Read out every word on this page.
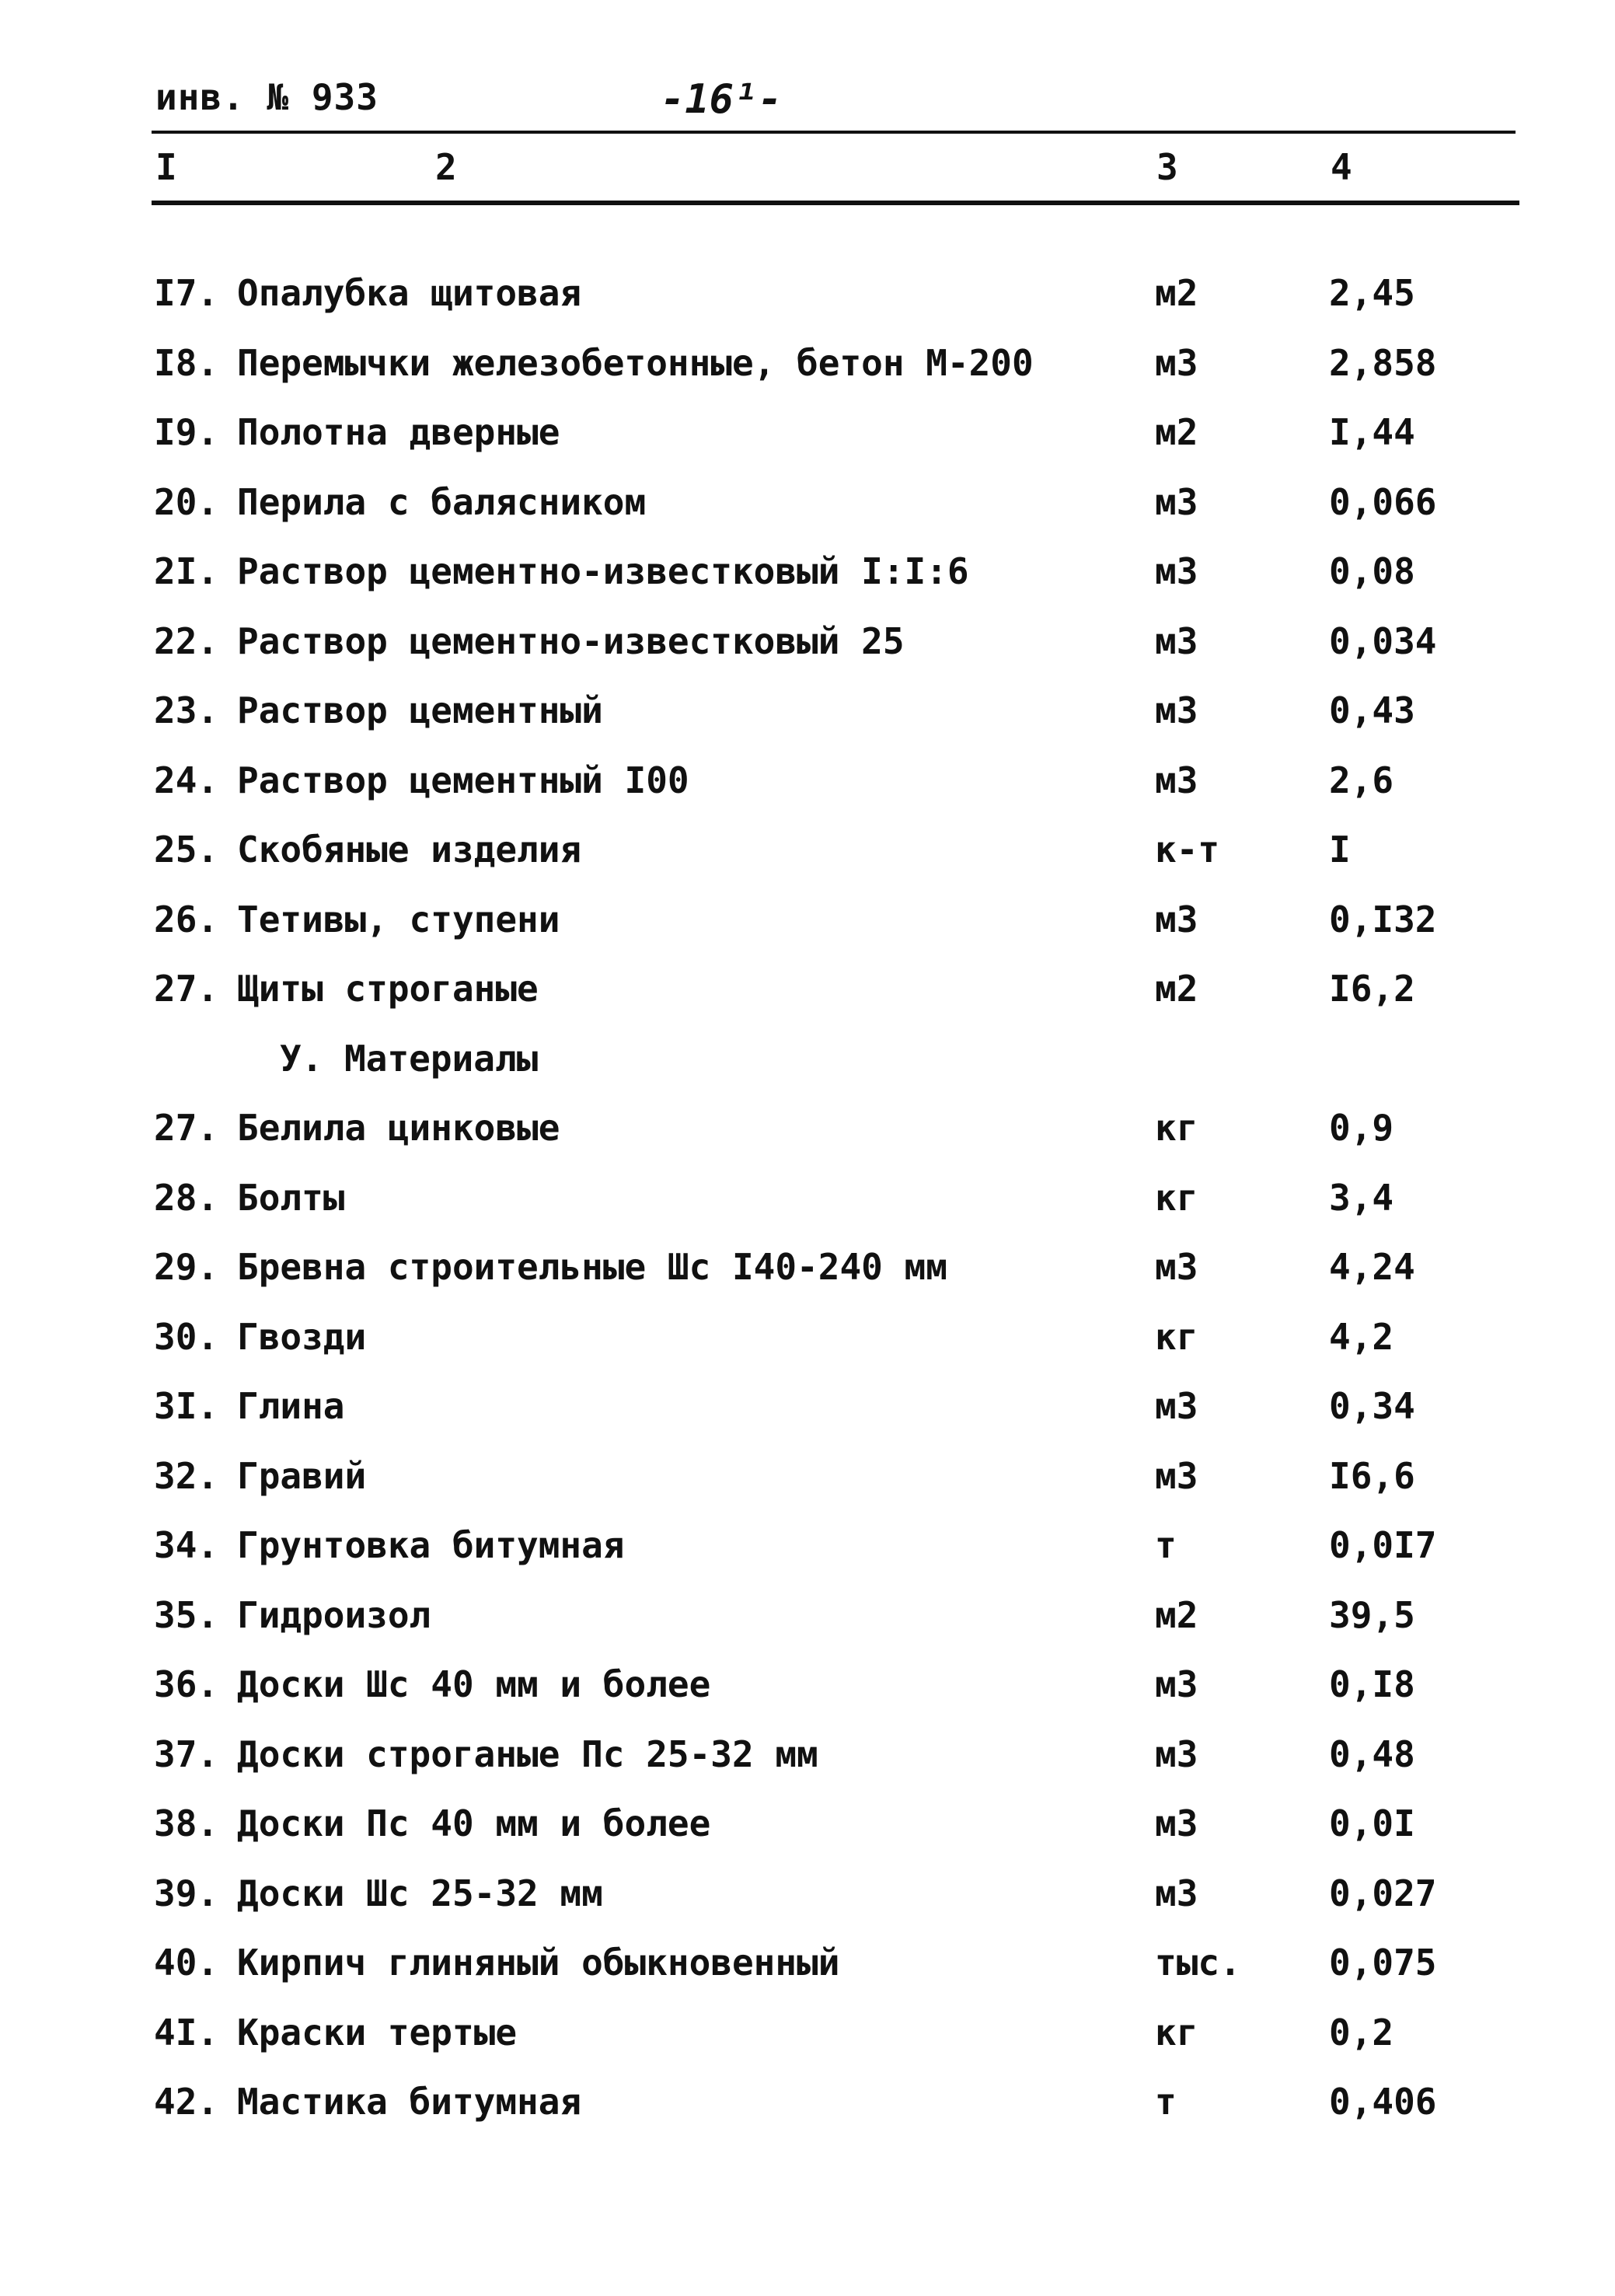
инв. № 933	-16¹-
I	2	3	4
I7. Опалубка щитовая	м2	2,45
I8. Перемычки железобетонные, бетон М-200	м3	2,858
I9. Полотна дверные	м2	I,44
20. Перила с балясником	м3	0,066
2I. Раствор цементно-известковый I:I:6	м3	0,08
22. Раствор цементно-известковый 25	м3	0,034
23. Раствор цементный	м3	0,43
24. Раствор цементный I00	м3	2,6
25. Скобяные изделия	к-т	I
26. Тетивы, ступени	м3	0,I32
27. Щиты строганые	м2	I6,2
У. Материалы
27. Белила цинковые	кг	0,9
28. Болты	кг	3,4
29. Бревна строительные Шс I40-240 мм	м3	4,24
30. Гвозди	кг	4,2
3I. Глина	м3	0,34
32. Гравий	м3	I6,6
34. Грунтовка битумная	т	0,0I7
35. Гидроизол	м2	39,5
36. Доски Шс 40 мм и более	м3	0,I8
37. Доски строганые Пс 25-32 мм	м3	0,48
38. Доски Пс 40 мм и более	м3	0,0I
39. Доски Шс 25-32 мм	м3	0,027
40. Кирпич глиняный обыкновенный	тыс. 0,075
4I. Краски тертые	кг	0,2
42. Мастика битумная	т	0,406
